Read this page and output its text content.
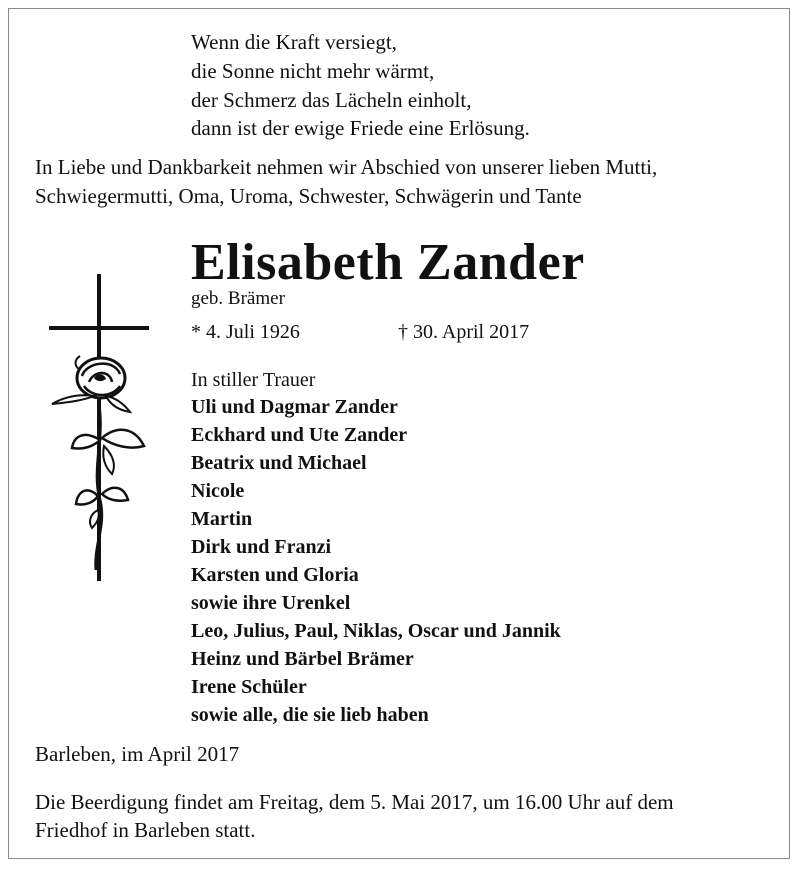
Wenn die Kraft versiegt,
die Sonne nicht mehr wärmt,
der Schmerz das Lächeln einholt,
dann ist der ewige Friede eine Erlösung.
In Liebe und Dankbarkeit nehmen wir Abschied von unserer lieben Mutti,
Schwiegermutti, Oma, Uroma, Schwester, Schwägerin und Tante
Elisabeth Zander
geb. Brämer
* 4. Juli 1926	† 30. April 2017
In stiller Trauer
Uli und Dagmar Zander
Eckhard und Ute Zander
Beatrix und Michael
Nicole
Martin
Dirk und Franzi
Karsten und Gloria
sowie ihre Urenkel
Leo, Julius, Paul, Niklas, Oscar und Jannik
Heinz und Bärbel Brämer
Irene Schüler
sowie alle, die sie lieb haben
Barleben, im April 2017
Die Beerdigung findet am Freitag, dem 5. Mai 2017, um 16.00 Uhr auf dem
Friedhof in Barleben statt.
